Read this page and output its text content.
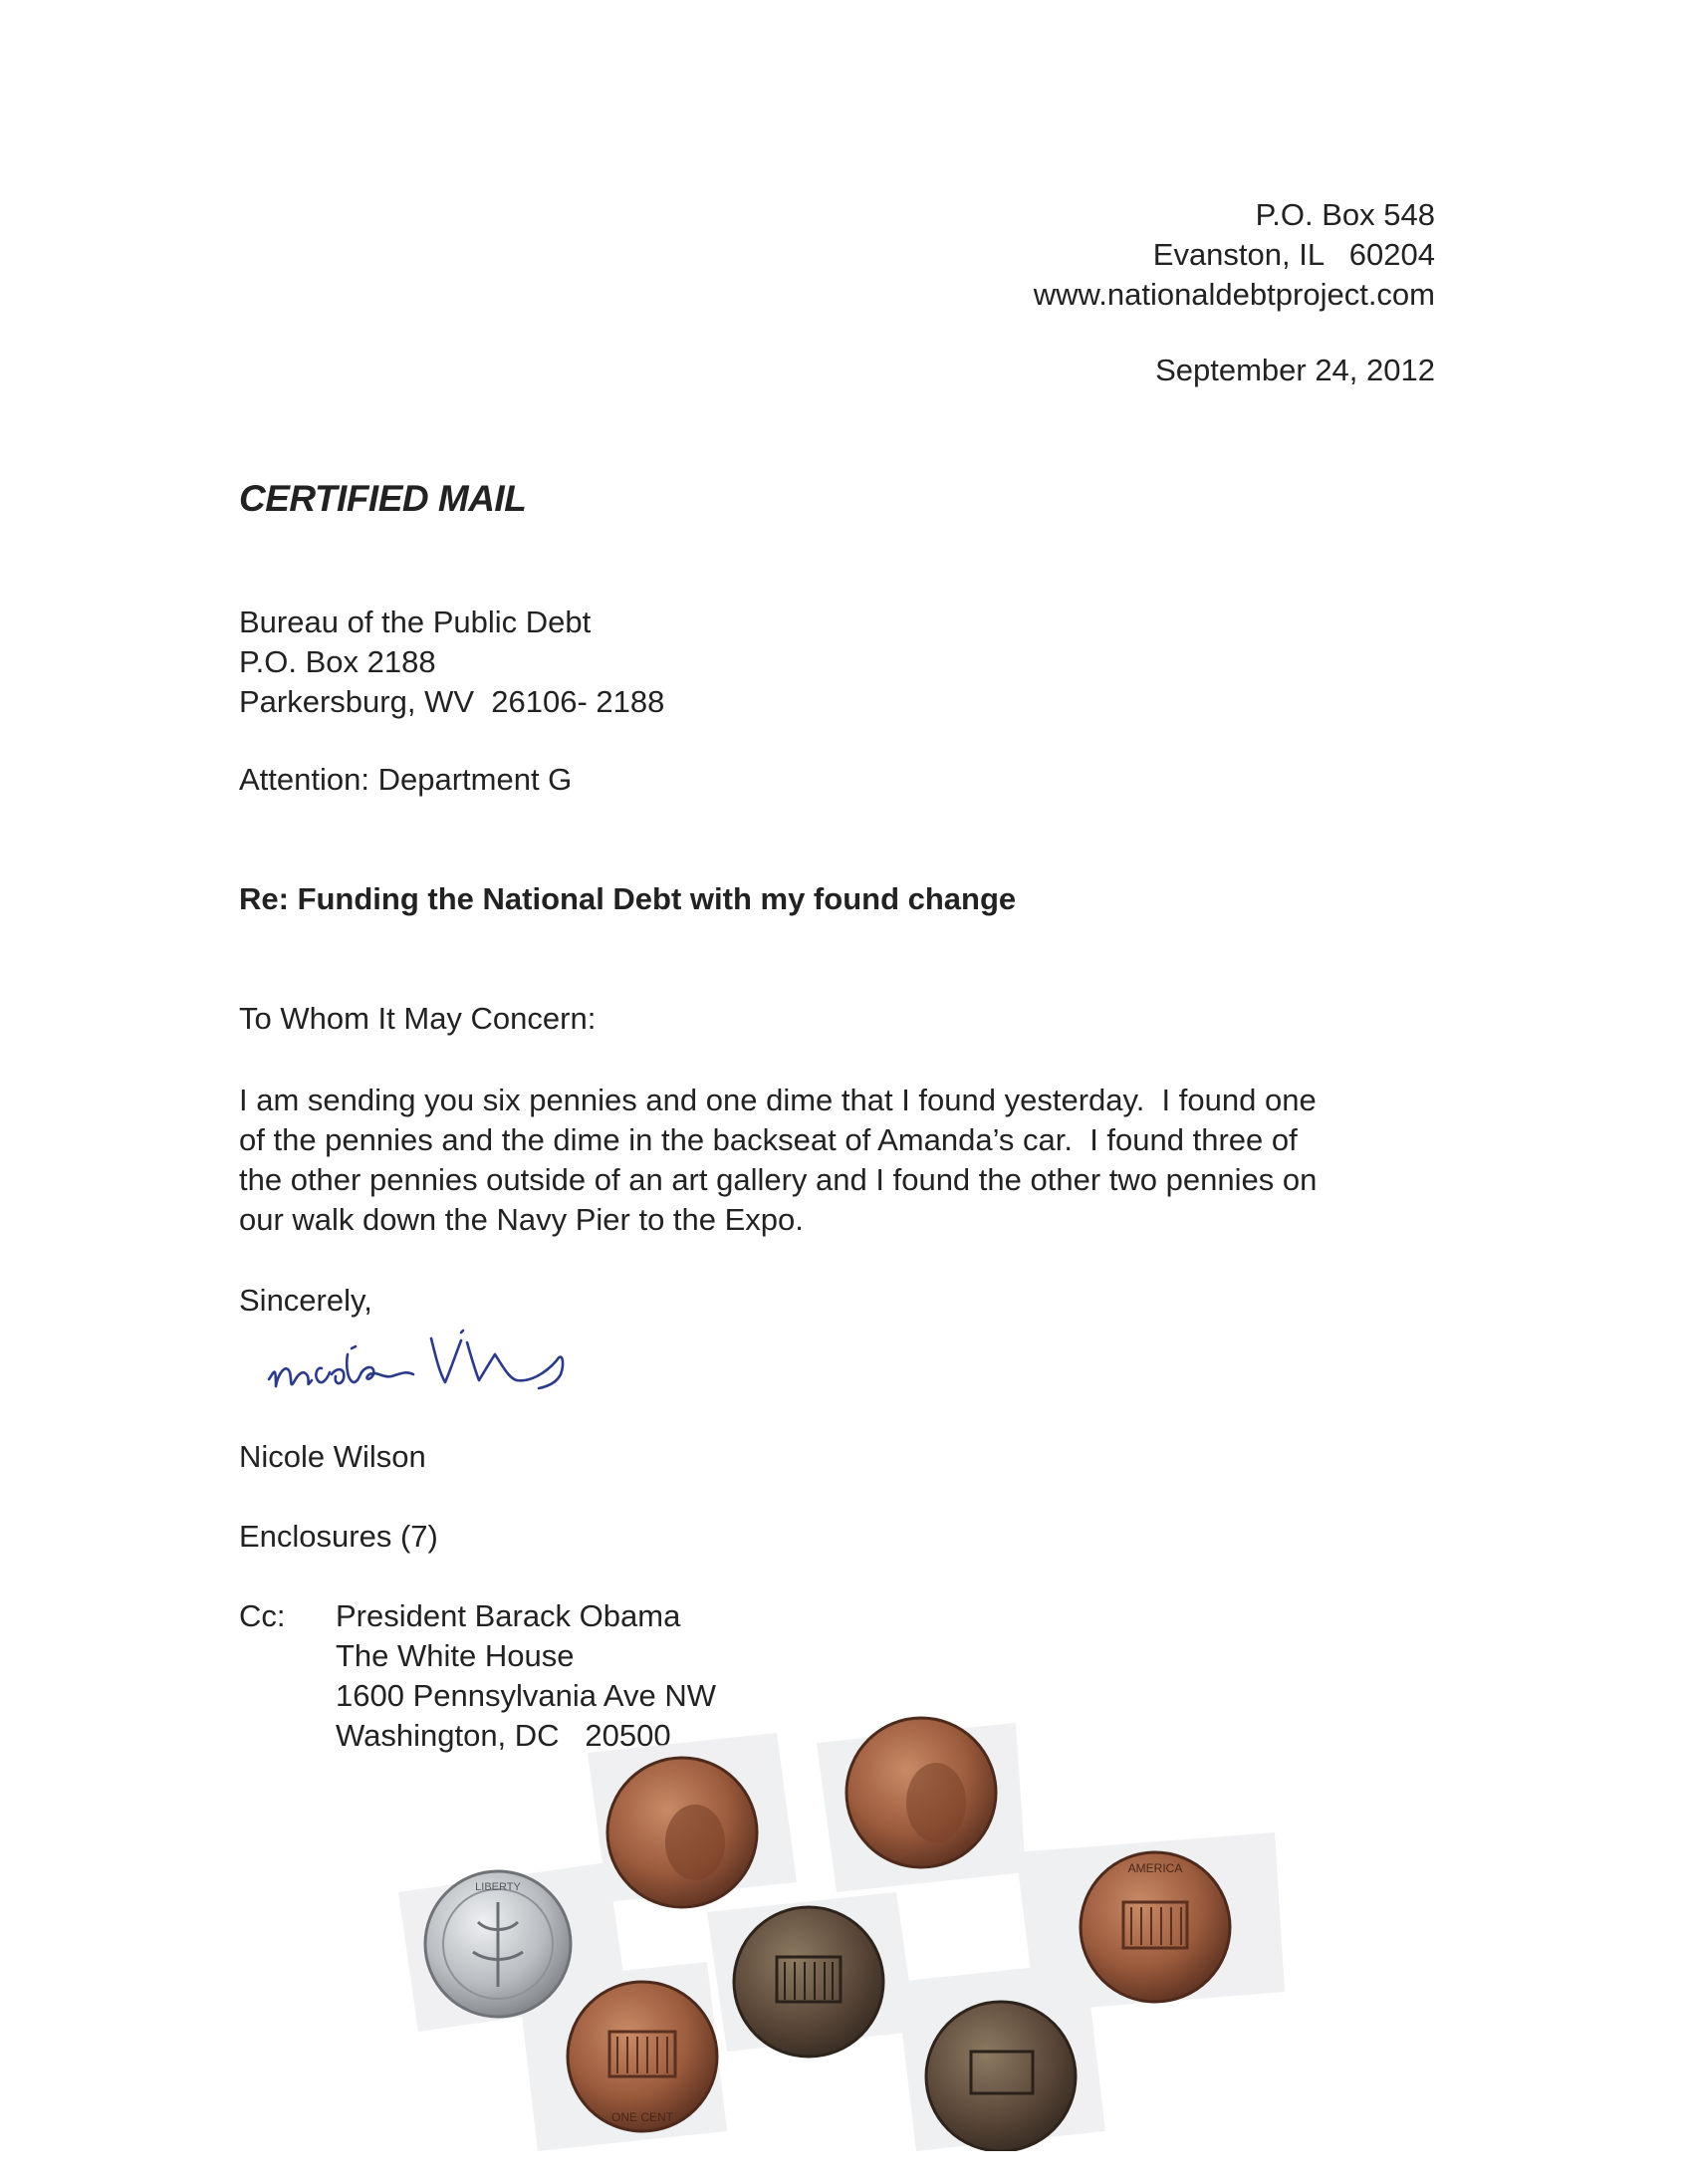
P.O. Box 548
Evanston, IL   60204
www.nationaldebtproject.com
September 24, 2012
CERTIFIED MAIL
Bureau of the Public Debt
P.O. Box 2188
Parkersburg, WV  26106- 2188
Attention: Department G
Re: Funding the National Debt with my found change
To Whom It May Concern:
I am sending you six pennies and one dime that I found yesterday.  I found one
of the pennies and the dime in the backseat of Amanda’s car.  I found three of
the other pennies outside of an art gallery and I found the other two pennies on
our walk down the Navy Pier to the Expo.
Sincerely,
Nicole Wilson
Enclosures (7)
Cc: President Barack Obama
The White House
1600 Pennsylvania Ave NW
Washington, DC   20500
LIBERTY
ONE CENT
AMERICA
